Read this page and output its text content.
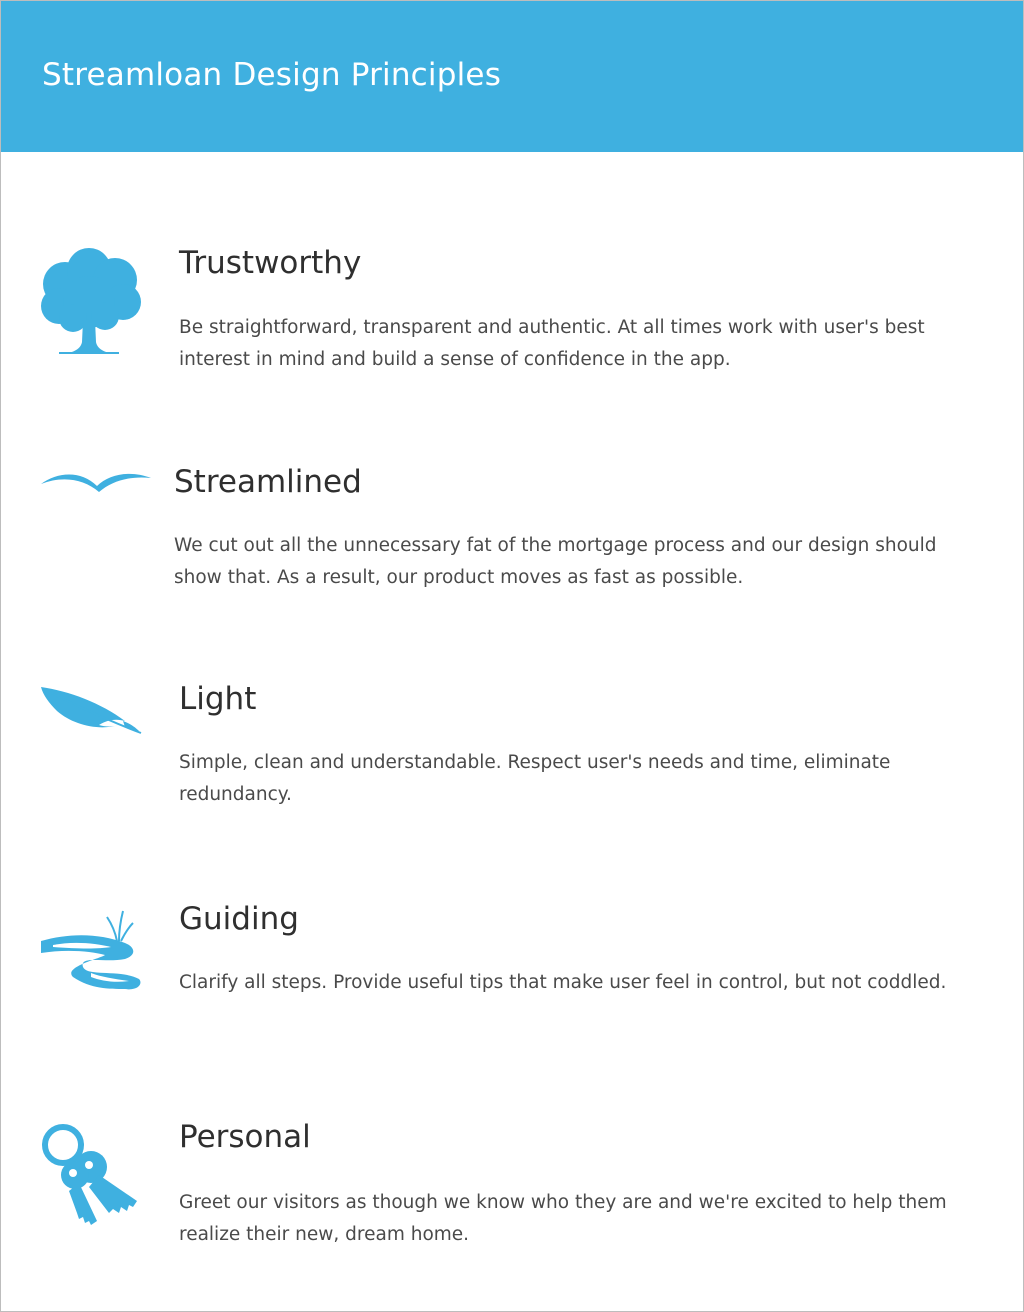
Streamloan Design Principles
Trustworthy
Be straightforward, transparent and authentic. At all times work with user's best interest in mind and build a sense of confidence in the app.
Streamlined
We cut out all the unnecessary fat of the mortgage process and our design should show that. As a result, our product moves as fast as possible.
Light
Simple, clean and understandable. Respect user's needs and time, eliminate redundancy.
Guiding
Clarify all steps. Provide useful tips that make user feel in control, but not coddled.
Personal
Greet our visitors as though we know who they are and we're excited to help them realize their new, dream home.
